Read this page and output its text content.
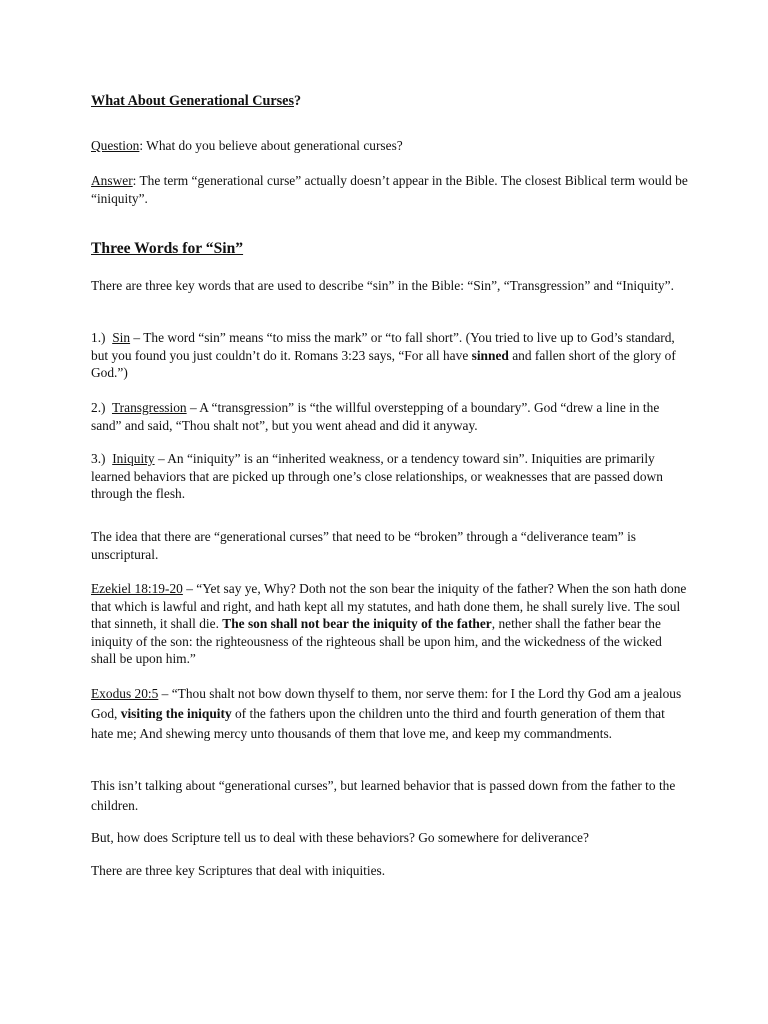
What About Generational Curses?

Question: What do you believe about generational curses?

Answer: The term “generational curse” actually doesn’t appear in the Bible. The closest Biblical term would be “iniquity”.

Three Words for “Sin”

There are three key words that are used to describe “sin” in the Bible: “Sin”, “Transgression” and “Iniquity”.

1.)  Sin – The word “sin” means “to miss the mark” or “to fall short”. (You tried to live up to God’s standard, but you found you just couldn’t do it. Romans 3:23 says, “For all have sinned and fallen short of the glory of God.”)

2.)  Transgression – A “transgression” is “the willful overstepping of a boundary”. God “drew a line in the sand” and said, “Thou shalt not”, but you went ahead and did it anyway.

3.)  Iniquity – An “iniquity” is an “inherited weakness, or a tendency toward sin”. Iniquities are primarily learned behaviors that are picked up through one’s close relationships, or weaknesses that are passed down through the flesh.

The idea that there are “generational curses” that need to be “broken” through a “deliverance team” is unscriptural.

Ezekiel 18:19-20 – “Yet say ye, Why? Doth not the son bear the iniquity of the father? When the son hath done that which is lawful and right, and hath kept all my statutes, and hath done them, he shall surely live. The soul that sinneth, it shall die. The son shall not bear the iniquity of the father, nether shall the father bear the iniquity of the son: the righteousness of the righteous shall be upon him, and the wickedness of the wicked shall be upon him.”

Exodus 20:5 – “Thou shalt not bow down thyself to them, nor serve them: for I the Lord thy God am a jealous God, visiting the iniquity of the fathers upon the children unto the third and fourth generation of them that hate me; And shewing mercy unto thousands of them that love me, and keep my commandments.

This isn’t talking about “generational curses”, but learned behavior that is passed down from the father to the children.

But, how does Scripture tell us to deal with these behaviors? Go somewhere for deliverance?

There are three key Scriptures that deal with iniquities.
